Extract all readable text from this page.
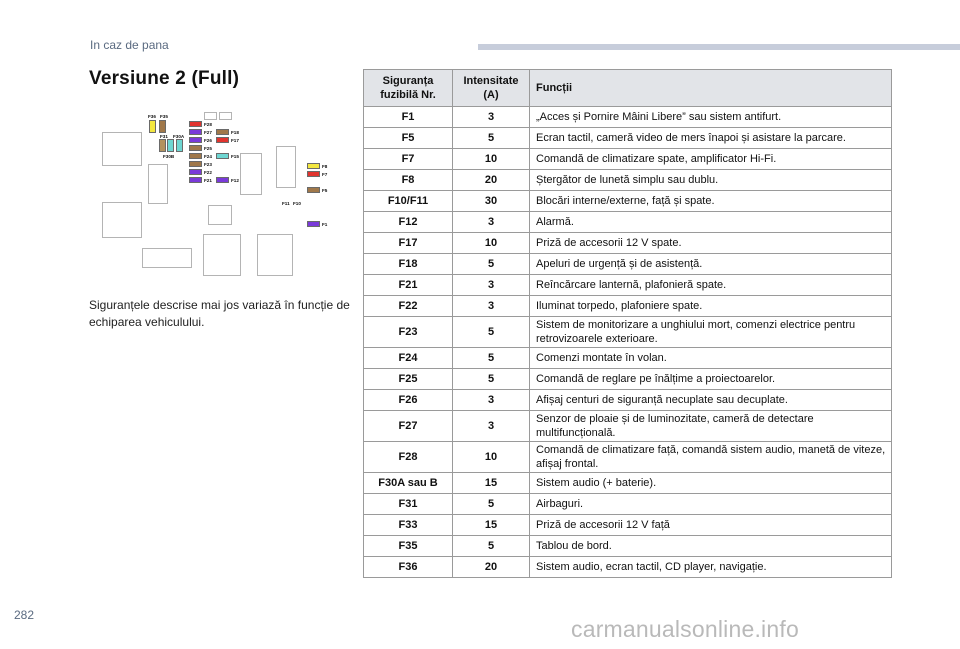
In caz de pana
Versiune 2 (Full)
F36 F35
F31 F30A
F30B
F28
F27
F26
F25
F24
F23
F22
F21
F18
F17
F15
F12
F8
F7
F5
F11 F10
F1
Siguranțele descrise mai jos variază în funcție de echiparea vehiculului.
Siguranța fuzibilă Nr.	Intensitate (A)	Funcții
F1	3	„Acces și Pornire Mâini Libere” sau sistem antifurt.
F5	5	Ecran tactil, cameră video de mers înapoi și asistare la parcare.
F7	10	Comandă de climatizare spate, amplificator Hi-Fi.
F8	20	Ștergător de lunetă simplu sau dublu.
F10/F11	30	Blocări interne/externe, față și spate.
F12	3	Alarmă.
F17	10	Priză de accesorii 12 V spate.
F18	5	Apeluri de urgență și de asistență.
F21	3	Reîncărcare lanternă, plafonieră spate.
F22	3	Iluminat torpedo, plafoniere spate.
F23	5	Sistem de monitorizare a unghiului mort, comenzi electrice pentru retrovizoarele exterioare.
F24	5	Comenzi montate în volan.
F25	5	Comandă de reglare pe înălțime a proiectoarelor.
F26	3	Afișaj centuri de siguranță necuplate sau decuplate.
F27	3	Senzor de ploaie și de luminozitate, cameră de detectare multifuncțională.
F28	10	Comandă de climatizare față, comandă sistem audio, manetă de viteze, afișaj frontal.
F30A sau B	15	Sistem audio (+ baterie).
F31	5	Airbaguri.
F33	15	Priză de accesorii 12 V față
F35	5	Tablou de bord.
F36	20	Sistem audio, ecran tactil, CD player, navigație.
282
carmanualsonline.info
